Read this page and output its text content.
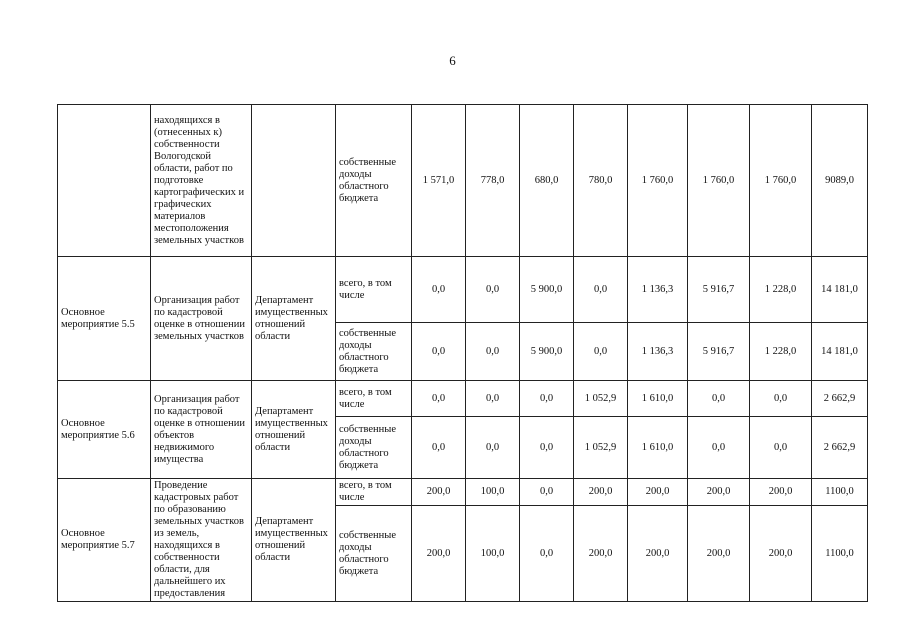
6
	находящихся в (отнесенных к) собственности Вологодской области, работ по подготовке картографических и графических материалов местоположения земельных участков		собственные доходы областного бюджета	1 571,0	778,0	680,0	780,0	1 760,0	1 760,0	1 760,0	9089,0
Основное мероприятие 5.5	Организация работ по кадастровой оценке в отношении земельных участков	Департамент имущественных отношений области	всего, в том числе	0,0	0,0	5 900,0	0,0	1 136,3	5 916,7	1 228,0	14 181,0
			собственные доходы областного бюджета	0,0	0,0	5 900,0	0,0	1 136,3	5 916,7	1 228,0	14 181,0
Основное мероприятие 5.6	Организация работ по кадастровой оценке в отношении объектов недвижимого имущества	Департамент имущественных отношений области	всего, в том числе	0,0	0,0	0,0	1 052,9	1 610,0	0,0	0,0	2 662,9
			собственные доходы областного бюджета	0,0	0,0	0,0	1 052,9	1 610,0	0,0	0,0	2 662,9
Основное мероприятие 5.7	Проведение кадастровых работ по образованию земельных участков из земель, находящихся в собственности области, для дальнейшего их предоставления	Департамент имущественных отношений области	всего, в том числе	200,0	100,0	0,0	200,0	200,0	200,0	200,0	1100,0
			собственные доходы областного бюджета	200,0	100,0	0,0	200,0	200,0	200,0	200,0	1100,0
